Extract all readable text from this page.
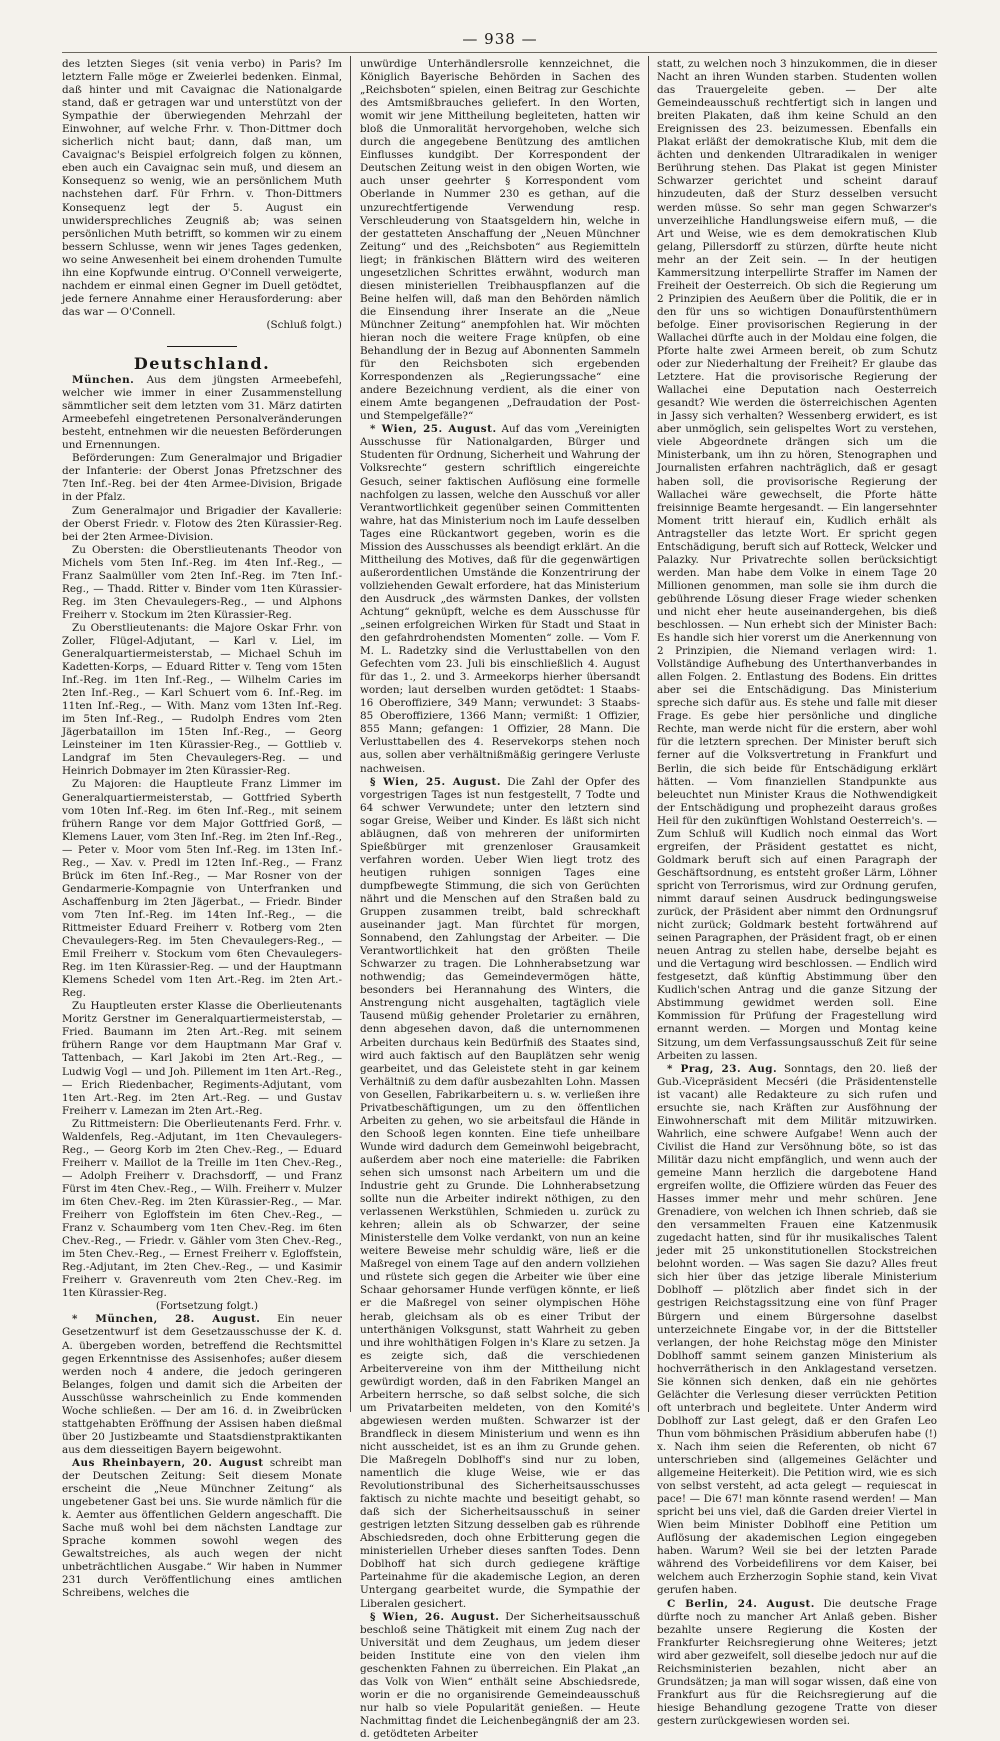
— 938 —

des letzten Sieges (sit venia verbo) in Paris? Im letztern Falle möge er Zweierlei bedenken. Einmal, daß hinter und mit Cavaignac die Nationalgarde stand, daß er getragen war und unterstützt von der Sympathie der überwiegenden Mehrzahl der Einwohner, auf welche Frhr. v. Thon-Dittmer doch sicherlich nicht baut; dann, daß man, um Cavaignac's Beispiel erfolgreich folgen zu können, eben auch ein Cavaignac sein muß, und diesem an Konsequenz so wenig, wie an persönlichem Muth nachstehen darf. Für Frhrn. v. Thon-Dittmers Konsequenz legt der 5. August ein unwidersprechliches Zeugniß ab; was seinen persönlichen Muth betrifft, so kommen wir zu einem bessern Schlusse, wenn wir jenes Tages gedenken, wo seine Anwesenheit bei einem drohenden Tumulte ihn eine Kopfwunde eintrug. O'Connell verweigerte, nachdem er einmal einen Gegner im Duell getödtet, jede fernere Annahme einer Herausforderung: aber das war — O'Connell.

(Schluß folgt.)

Deutschland.

München. Aus dem jüngsten Armeebefehl, welcher wie immer in einer Zusammenstellung sämmtlicher seit dem letzten vom 31. März datirten Armeebefehl eingetretenen Personalveränderungen besteht, entnehmen wir die neuesten Beförderungen und Ernennungen.

Beförderungen: Zum Generalmajor und Brigadier der Infanterie: der Oberst Jonas Pfretzschner des 7ten Inf.-Reg. bei der 4ten Armee-Division, Brigade in der Pfalz.

Zum Generalmajor und Brigadier der Kavallerie: der Oberst Friedr. v. Flotow des 2ten Kürassier-Reg. bei der 2ten Armee-Division.

Zu Obersten: die Oberstlieutenants Theodor von Michels vom 5ten Inf.-Reg. im 4ten Inf.-Reg., — Franz Saalmüller vom 2ten Inf.-Reg. im 7ten Inf.-Reg., — Thadd. Ritter v. Binder vom 1ten Kürassier-Reg. im 3ten Chevaulegers-Reg., — und Alphons Freiherr v. Stockum im 2ten Kürassier-Reg.

Zu Oberstlieutenants: die Majore Oskar Frhr. von Zoller, Flügel-Adjutant, — Karl v. Liel, im Generalquartiermeisterstab, — Michael Schuh im Kadetten-Korps, — Eduard Ritter v. Teng vom 15ten Inf.-Reg. im 1ten Inf.-Reg., — Wilhelm Caries im 2ten Inf.-Reg., — Karl Schuert vom 6. Inf.-Reg. im 11ten Inf.-Reg., — With. Manz vom 13ten Inf.-Reg. im 5ten Inf.-Reg., — Rudolph Endres vom 2ten Jägerbataillon im 15ten Inf.-Reg., — Georg Leinsteiner im 1ten Kürassier-Reg., — Gottlieb v. Landgraf im 5ten Chevaulegers-Reg. — und Heinrich Dobmayer im 2ten Kürassier-Reg.

Zu Majoren: die Hauptleute Franz Limmer im Generalquartiermeisterstab, — Gottfried Syberth vom 10ten Inf.-Reg. im 6ten Inf.-Reg., mit seinem frühern Range vor dem Major Gottfried Gorß, — Klemens Lauer, vom 3ten Inf.-Reg. im 2ten Inf.-Reg., — Peter v. Moor vom 5ten Inf.-Reg. im 13ten Inf.-Reg., — Xav. v. Predl im 12ten Inf.-Reg., — Franz Brück im 6ten Inf.-Reg., — Mar Rosner von der Gendarmerie-Kompagnie von Unterfranken und Aschaffenburg im 2ten Jägerbat., — Friedr. Binder vom 7ten Inf.-Reg. im 14ten Inf.-Reg., — die Rittmeister Eduard Freiherr v. Rotberg vom 2ten Chevaulegers-Reg. im 5ten Chevaulegers-Reg., — Emil Freiherr v. Stockum vom 6ten Chevaulegers-Reg. im 1ten Kürassier-Reg. — und der Hauptmann Klemens Schedel vom 1ten Art.-Reg. im 2ten Art.-Reg.

Zu Hauptleuten erster Klasse die Oberlieutenants Moritz Gerstner im Generalquartiermeisterstab, — Fried. Baumann im 2ten Art.-Reg. mit seinem frühern Range vor dem Hauptmann Mar Graf v. Tattenbach, — Karl Jakobi im 2ten Art.-Reg., — Ludwig Vogl — und Joh. Pillement im 1ten Art.-Reg., — Erich Riedenbacher, Regiments-Adjutant, vom 1ten Art.-Reg. im 2ten Art.-Reg. — und Gustav Freiherr v. Lamezan im 2ten Art.-Reg.

Zu Rittmeistern: Die Oberlieutenants Ferd. Frhr. v. Waldenfels, Reg.-Adjutant, im 1ten Chevaulegers-Reg., — Georg Korb im 2ten Chev.-Reg., — Eduard Freiherr v. Maillot de la Treille im 1ten Chev.-Reg., — Adolph Freiherr v. Drachsdorff, — und Franz Fürst im 4ten Chev.-Reg., — Wilh. Freiherr v. Mulzer im 6ten Chev.-Reg. im 2ten Kürassier-Reg., — Mar. Freiherr von Egloffstein im 6ten Chev.-Reg., — Franz v. Schaumberg vom 1ten Chev.-Reg. im 6ten Chev.-Reg., — Friedr. v. Gähler vom 3ten Chev.-Reg., im 5ten Chev.-Reg., — Ernest Freiherr v. Egloffstein, Reg.-Adjutant, im 2ten Chev.-Reg., — und Kasimir Freiherr v. Gravenreuth vom 2ten Chev.-Reg. im 1ten Kürassier-Reg.

(Fortsetzung folgt.)

* München, 28. August. Ein neuer Gesetzentwurf ist dem Gesetzausschusse der K. d. A. übergeben worden, betreffend die Rechtsmittel gegen Erkenntnisse des Assisenhofes; außer diesem werden noch 4 andere, die jedoch geringeren Belanges, folgen und damit sich die Arbeiten der Ausschüsse wahrscheinlich zu Ende kommenden Woche schließen. — Der am 16. d. in Zweibrücken stattgehabten Eröffnung der Assisen haben dießmal über 20 Justizbeamte und Staatsdienstpraktikanten aus dem diesseitigen Bayern beigewohnt.

Aus Rheinbayern, 20. August schreibt man der Deutschen Zeitung: Seit diesem Monate erscheint die „Neue Münchner Zeitung“ als ungebetener Gast bei uns. Sie wurde nämlich für die k. Aemter aus öffentlichen Geldern angeschafft. Die Sache muß wohl bei dem nächsten Landtage zur Sprache kommen sowohl wegen des Gewaltstreiches, als auch wegen der nicht unbeträchtlichen Ausgabe.“ Wir haben in Nummer 231 durch Veröffentlichung eines amtlichen Schreibens, welches die

unwürdige Unterhändlersrolle kennzeichnet, die Königlich Bayerische Behörden in Sachen des „Reichsboten“ spielen, einen Beitrag zur Geschichte des Amtsmißbrauches geliefert. In den Worten, womit wir jene Mittheilung begleiteten, hatten wir bloß die Unmoralität hervorgehoben, welche sich durch die angegebene Benützung des amtlichen Einflusses kundgibt. Der Korrespondent der Deutschen Zeitung weist in den obigen Worten, wie auch unser geehrter § Korrespondent vom Oberlande in Nummer 230 es gethan, auf die unzurechtfertigende Verwendung resp. Verschleuderung von Staatsgeldern hin, welche in der gestatteten Anschaffung der „Neuen Münchner Zeitung“ und des „Reichsboten“ aus Regiemitteln liegt; in fränkischen Blättern wird des weiteren ungesetzlichen Schrittes erwähnt, wodurch man diesen ministeriellen Treibhauspflanzen auf die Beine helfen will, daß man den Behörden nämlich die Einsendung ihrer Inserate an die „Neue Münchner Zeitung“ anempfohlen hat. Wir möchten hieran noch die weitere Frage knüpfen, ob eine Behandlung der in Bezug auf Abonnenten Sammeln für den Reichsboten sich ergebenden Korrespondenzen als „Regierungssache“ eine andere Bezeichnung verdient, als die einer von einem Amte begangenen „Defraudation der Post- und Stempelgefälle?“

* Wien, 25. August. Auf das vom „Vereinigten Ausschusse für Nationalgarden, Bürger und Studenten für Ordnung, Sicherheit und Wahrung der Volksrechte“ gestern schriftlich eingereichte Gesuch, seiner faktischen Auflösung eine formelle nachfolgen zu lassen, welche den Ausschuß vor aller Verantwortlichkeit gegenüber seinen Committenten wahre, hat das Ministerium noch im Laufe desselben Tages eine Rückantwort gegeben, worin es die Mission des Ausschusses als beendigt erklärt. An die Mittheilung des Motives, daß für die gegenwärtigen außerordentlichen Umstände die Konzentrirung der vollziehenden Gewalt erfordere, hat das Ministerium den Ausdruck „des wärmsten Dankes, der vollsten Achtung“ geknüpft, welche es dem Ausschusse für „seinen erfolgreichen Wirken für Stadt und Staat in den gefahrdrohendsten Momenten“ zolle. — Vom F. M. L. Radetzky sind die Verlusttabellen von den Gefechten vom 23. Juli bis einschließlich 4. August für das 1., 2. und 3. Armeekorps hierher übersandt worden; laut derselben wurden getödtet: 1 Staabs- 16 Oberoffiziere, 349 Mann; verwundet: 3 Staabs- 85 Oberoffiziere, 1366 Mann; vermißt: 1 Offizier, 855 Mann; gefangen: 1 Offizier, 28 Mann. Die Verlusttabellen des 4. Reservekorps stehen noch aus, sollen aber verhältnißmäßig geringere Verluste nachweisen.

§ Wien, 25. August. Die Zahl der Opfer des vorgestrigen Tages ist nun festgestellt, 7 Todte und 64 schwer Verwundete; unter den letztern sind sogar Greise, Weiber und Kinder. Es läßt sich nicht abläugnen, daß von mehreren der uniformirten Spießbürger mit grenzenloser Grausamkeit verfahren worden. Ueber Wien liegt trotz des heutigen ruhigen sonnigen Tages eine dumpfbewegte Stimmung, die sich von Gerüchten nährt und die Menschen auf den Straßen bald zu Gruppen zusammen treibt, bald schreckhaft auseinander jagt. Man fürchtet für morgen, Sonnabend, den Zahlungstag der Arbeiter. — Die Verantwortlichkeit hat den größten Theile Schwarzer zu tragen. Die Lohnherabsetzung war nothwendig; das Gemeindevermögen hätte, besonders bei Herannahung des Winters, die Anstrengung nicht ausgehalten, tagtäglich viele Tausend müßig gehender Proletarier zu ernähren, denn abgesehen davon, daß die unternommenen Arbeiten durchaus kein Bedürfniß des Staates sind, wird auch faktisch auf den Bauplätzen sehr wenig gearbeitet, und das Geleistete steht in gar keinem Verhältniß zu dem dafür ausbezahlten Lohn. Massen von Gesellen, Fabrikarbeitern u. s. w. verließen ihre Privatbeschäftigungen, um zu den öffentlichen Arbeiten zu gehen, wo sie arbeitsfaul die Hände in den Schooß legen konnten. Eine tiefe unheilbare Wunde wird dadurch dem Gemeinwohl beigebracht, außerdem aber noch eine materielle: die Fabriken sehen sich umsonst nach Arbeitern um und die Industrie geht zu Grunde. Die Lohnherabsetzung sollte nun die Arbeiter indirekt nöthigen, zu den verlassenen Werkstühlen, Schmieden u. zurück zu kehren; allein als ob Schwarzer, der seine Ministerstelle dem Volke verdankt, von nun an keine weitere Beweise mehr schuldig wäre, ließ er die Maßregel von einem Tage auf den andern vollziehen und rüstete sich gegen die Arbeiter wie über eine Schaar gehorsamer Hunde verfügen könnte, er ließ er die Maßregel von seiner olympischen Höhe herab, gleichsam als ob es einer Tribut der unterthänigen Volksgunst, statt Wahrheit zu geben und ihre wohlthätigen Folgen in's Klare zu setzen. Ja es zeigte sich, daß die verschiedenen Arbeitervereine von ihm der Mittheilung nicht gewürdigt worden, daß in den Fabriken Mangel an Arbeitern herrsche, so daß selbst solche, die sich um Privatarbeiten meldeten, von den Komité's abgewiesen werden mußten. Schwarzer ist der Brandfleck in diesem Ministerium und wenn es ihn nicht ausscheidet, ist es an ihm zu Grunde gehen. Die Maßregeln Doblhoff's sind nur zu loben, namentlich die kluge Weise, wie er das Revolutionstribunal des Sicherheitsausschusses faktisch zu nichte machte und beseitigt gehabt, so daß sich der Sicherheitsausschuß in seiner gestrigen letzten Sitzung desselben gab es rührende Abschiedsreden, doch ohne Erbitterung gegen die ministeriellen Urheber dieses sanften Todes. Denn Doblhoff hat sich durch gediegene kräftige Parteinahme für die akademische Legion, an deren Untergang gearbeitet wurde, die Sympathie der Liberalen gesichert.

§ Wien, 26. August. Der Sicherheitsausschuß beschloß seine Thätigkeit mit einem Zug nach der Universität und dem Zeughaus, um jedem dieser beiden Institute eine von den vielen ihm geschenkten Fahnen zu überreichen. Ein Plakat „an das Volk von Wien“ enthält seine Abschiedsrede, worin er die no organisirende Gemeindeausschuß nur halb so viele Popularität genießen. — Heute Nachmittag findet die Leichenbegängniß der am 23. d. getödteten Arbeiter

statt, zu welchen noch 3 hinzukommen, die in dieser Nacht an ihren Wunden starben. Studenten wollen das Trauergeleite geben. — Der alte Gemeindeausschuß rechtfertigt sich in langen und breiten Plakaten, daß ihm keine Schuld an den Ereignissen des 23. beizumessen. Ebenfalls ein Plakat erläßt der demokratische Klub, mit dem die ächten und denkenden Ultraradikalen in weniger Berührung stehen. Das Plakat ist gegen Minister Schwarzer gerichtet und scheint darauf hinzudeuten, daß der Sturz desselben versucht werden müsse. So sehr man gegen Schwarzer's unverzeihliche Handlungsweise eifern muß, — die Art und Weise, wie es dem demokratischen Klub gelang, Pillersdorff zu stürzen, dürfte heute nicht mehr an der Zeit sein. — In der heutigen Kammersitzung interpellirte Straffer im Namen der Freiheit der Oesterreich. Ob sich die Regierung um 2 Prinzipien des Aeußern über die Politik, die er in den für uns so wichtigen Donaufürstenthümern befolge. Einer provisorischen Regierung in der Wallachei dürfte auch in der Moldau eine folgen, die Pforte halte zwei Armeen bereit, ob zum Schutz oder zur Niederhaltung der Freiheit? Er glaube das Letztere. Hat die provisorische Regierung der Wallachei eine Deputation nach Oesterreich gesandt? Wie werden die österreichischen Agenten in Jassy sich verhalten? Wessenberg erwidert, es ist aber unmöglich, sein gelispeltes Wort zu verstehen, viele Abgeordnete drängen sich um die Ministerbank, um ihn zu hören, Stenographen und Journalisten erfahren nachträglich, daß er gesagt haben soll, die provisorische Regierung der Wallachei wäre gewechselt, die Pforte hätte freisinnige Beamte hergesandt. — Ein langersehnter Moment tritt hierauf ein, Kudlich erhält als Antragsteller das letzte Wort. Er spricht gegen Entschädigung, beruft sich auf Rotteck, Welcker und Palazky. Nur Privatrechte sollen berücksichtigt werden. Man habe dem Volke in einem Tage 20 Millionen genommen, man solle sie ihm durch die gebührende Lösung dieser Frage wieder schenken und nicht eher heute auseinandergehen, bis dieß beschlossen. — Nun erhebt sich der Minister Bach: Es handle sich hier vorerst um die Anerkennung von 2 Prinzipien, die Niemand verlagen wird: 1. Vollständige Aufhebung des Unterthanverbandes in allen Folgen. 2. Entlastung des Bodens. Ein drittes aber sei die Entschädigung. Das Ministerium spreche sich dafür aus. Es stehe und falle mit dieser Frage. Es gebe hier persönliche und dingliche Rechte, man werde nicht für die erstern, aber wohl für die letztern sprechen. Der Minister beruft sich ferner auf die Volksvertretung in Frankfurt und Berlin, die sich beide für Entschädigung erklärt hätten. — Vom finanziellen Standpunkte aus beleuchtet nun Minister Kraus die Nothwendigkeit der Entschädigung und prophezeiht daraus großes Heil für den zukünftigen Wohlstand Oesterreich's. — Zum Schluß will Kudlich noch einmal das Wort ergreifen, der Präsident gestattet es nicht, Goldmark beruft sich auf einen Paragraph der Geschäftsordnung, es entsteht großer Lärm, Löhner spricht von Terrorismus, wird zur Ordnung gerufen, nimmt darauf seinen Ausdruck bedingungsweise zurück, der Präsident aber nimmt den Ordnungsruf nicht zurück; Goldmark besteht fortwährend auf seinen Paragraphen, der Präsident fragt, ob er einen neuen Antrag zu stellen habe, derselbe bejaht es und die Vertagung wird beschlossen. — Endlich wird festgesetzt, daß künftig Abstimmung über den Kudlich'schen Antrag und die ganze Sitzung der Abstimmung gewidmet werden soll. Eine Kommission für Prüfung der Fragestellung wird ernannt werden. — Morgen und Montag keine Sitzung, um dem Verfassungsausschuß Zeit für seine Arbeiten zu lassen.

* Prag, 23. Aug. Sonntags, den 20. ließ der Gub.-Vicepräsident Mecséri (die Präsidentenstelle ist vacant) alle Redakteure zu sich rufen und ersuchte sie, nach Kräften zur Ausföhnung der Einwohnerschaft mit dem Militär mitzuwirken. Wahrlich, eine schwere Aufgabe! Wenn auch der Civilist die Hand zur Versöhnung böte, so ist das Militär dazu nicht empfänglich, und wenn auch der gemeine Mann herzlich die dargebotene Hand ergreifen wollte, die Offiziere würden das Feuer des Hasses immer mehr und mehr schüren. Jene Grenadiere, von welchen ich Ihnen schrieb, daß sie den versammelten Frauen eine Katzenmusik zugedacht hatten, sind für ihr musikalisches Talent jeder mit 25 unkonstitutionellen Stockstreichen belohnt worden. — Was sagen Sie dazu? Alles freut sich hier über das jetzige liberale Ministerium Doblhoff — plötzlich aber findet sich in der gestrigen Reichstagssitzung eine von fünf Prager Bürgern und einem Bürgersohne daselbst unterzeichnete Eingabe vor, in der die Bittsteller verlangen, der hohe Reichstag möge den Minister Doblhoff sammt seinem ganzen Ministerium als hochverrätherisch in den Anklagestand versetzen. Sie können sich denken, daß ein nie gehörtes Gelächter die Verlesung dieser verrückten Petition oft unterbrach und begleitete. Unter Anderm wird Doblhoff zur Last gelegt, daß er den Grafen Leo Thun vom böhmischen Präsidium abberufen habe (!) x. Nach ihm seien die Referenten, ob nicht 67 unterschrieben sind (allgemeines Gelächter und allgemeine Heiterkeit). Die Petition wird, wie es sich von selbst versteht, ad acta gelegt — requiescat in pace! — Die 67! man könnte rasend werden! — Man spricht bei uns viel, daß die Garden dreier Viertel in Wien beim Minister Doblhoff eine Petition um Auflösung der akademischen Legion eingegeben haben. Warum? Weil sie bei der letzten Parade während des Vorbeidefilirens vor dem Kaiser, bei welchem auch Erzherzogin Sophie stand, kein Vivat gerufen haben.

C Berlin, 24. August. Die deutsche Frage dürfte noch zu mancher Art Anlaß geben. Bisher bezahlte unsere Regierung die Kosten der Frankfurter Reichsregierung ohne Weiteres; jetzt wird aber gezweifelt, soll dieselbe jedoch nur auf die Reichsministerien bezahlen, nicht aber an Grundsätzen; ja man will sogar wissen, daß eine von Frankfurt aus für die Reichsregierung auf die hiesige Behandlung gezogene Tratte von dieser gestern zurückgewiesen worden sei.
